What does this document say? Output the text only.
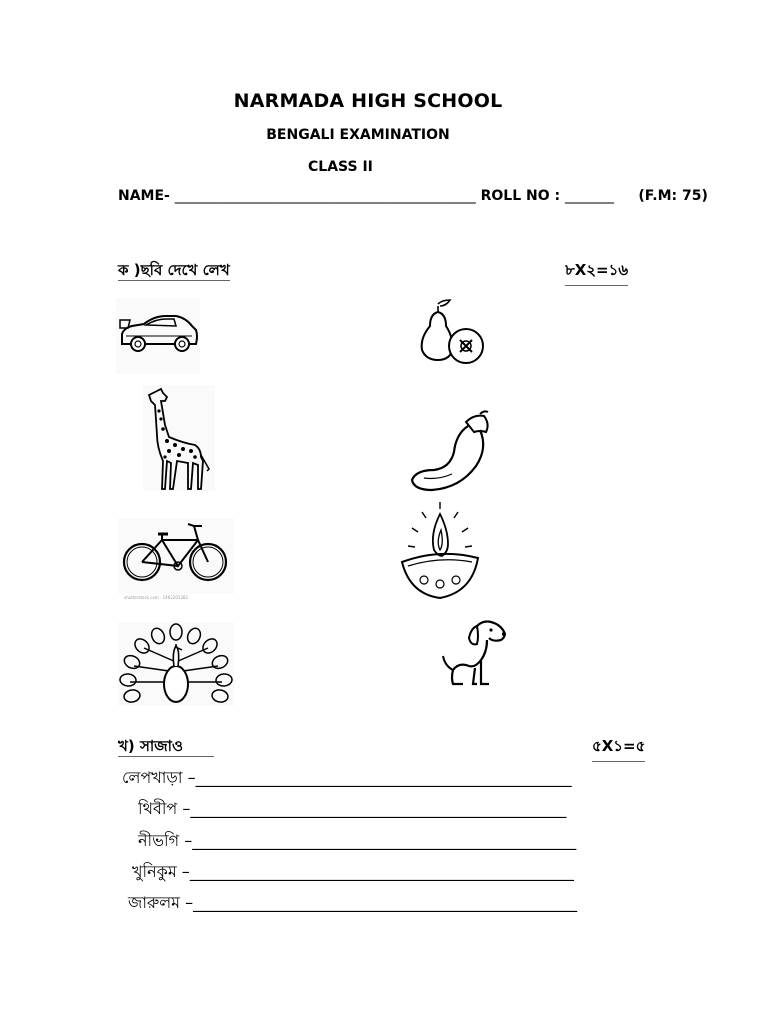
NARMADA HIGH SCHOOL
BENGALI EXAMINATION
CLASS II
NAME- ___________________________________________ ROLL NO : _______ (F.M: 75)
ক )ছবি দেখে লেখ	৮X২=১৬
shutterstock.com · 1462201382
খ) সাজাও	৫X১=৫
লেপখাড়া –_______________________________________________
থিবীপ –_______________________________________________
নীভগি –________________________________________________
খুনিকুম –________________________________________________
জারুলম –________________________________________________
